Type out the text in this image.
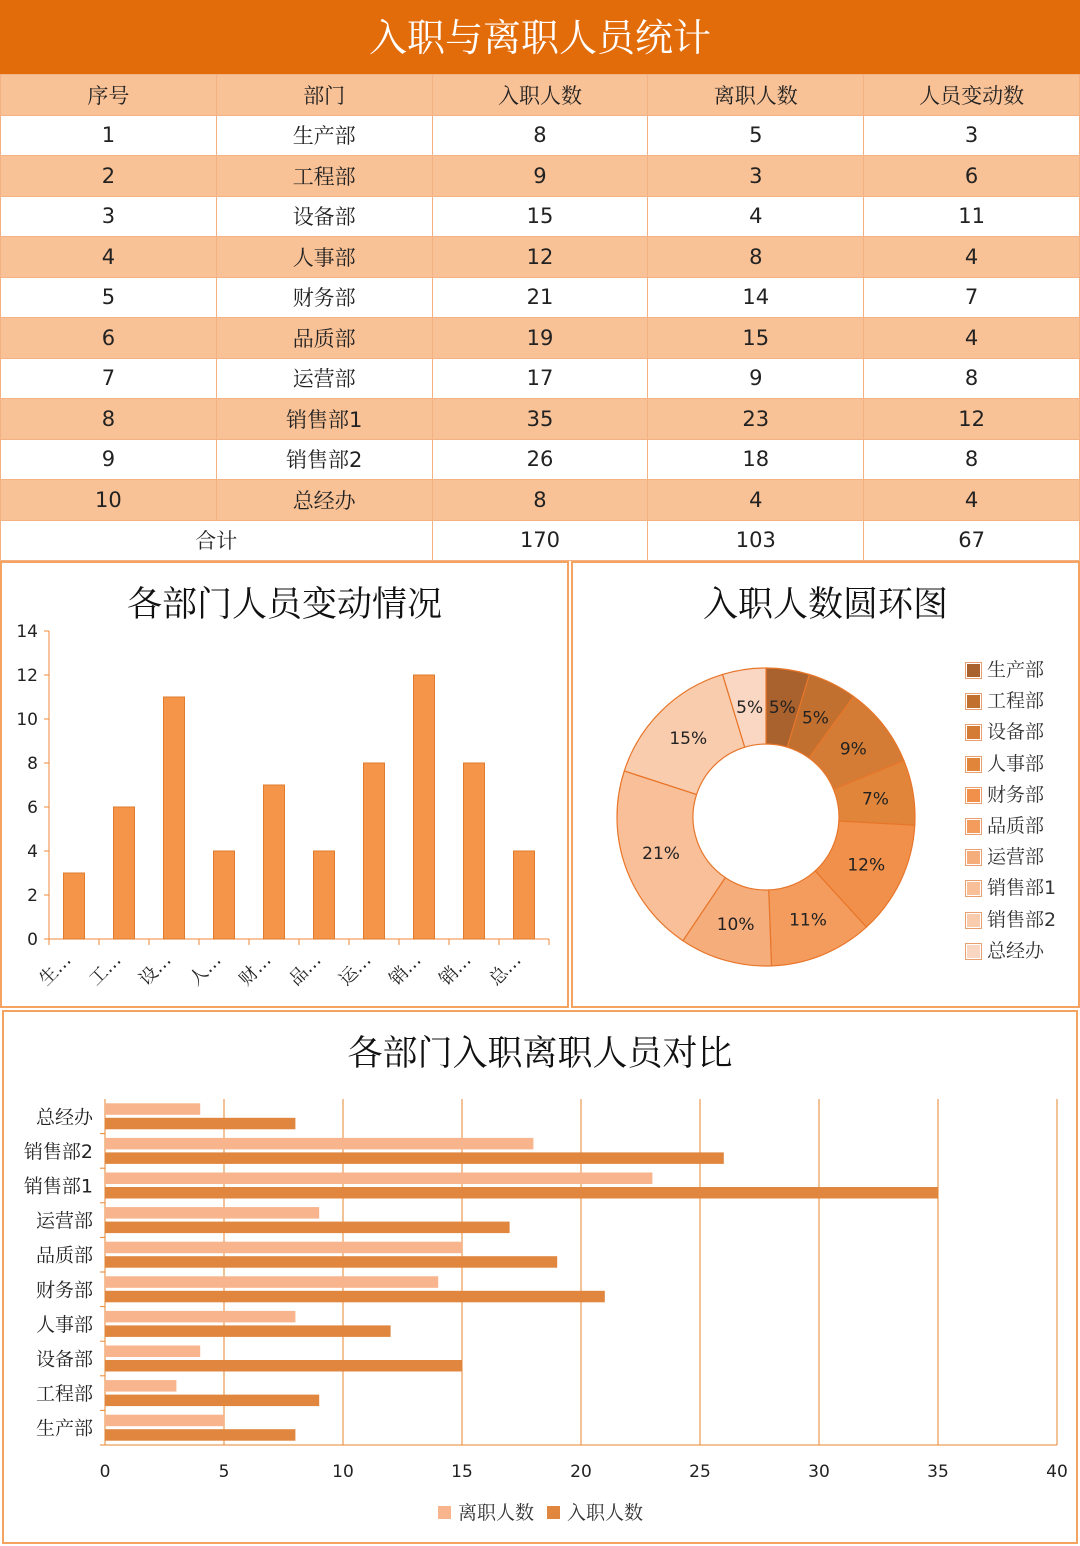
入职与离职人员统计
序号	部门	入职人数	离职人数	人员变动数
1	生产部	8	5	3
2	工程部	9	3	6
3	设备部	15	4	11
4	人事部	12	8	4
5	财务部	21	14	7
6	品质部	19	15	4
7	运营部	17	9	8
8	销售部1	35	23	12
9	销售部2	26	18	8
10	总经办	8	4	4
合计		170	103	67
各部门人员变动情况
0
2
4
6
8
10
12
14
生… 工… 设… 人… 财… 品… 运… 销… 销… 总…
入职人数圆环图
5%
5%
9%
7%
12%
11%
10%
21%
15%
5%
生产部
工程部
设备部
人事部
财务部
品质部
运营部
销售部1
销售部2
总经办
各部门入职离职人员对比
0	5	10	15	20	25	30	35	40
生产部
工程部
设备部
人事部
财务部
品质部
运营部
销售部1
销售部2
总经办
离职人数 入职人数
